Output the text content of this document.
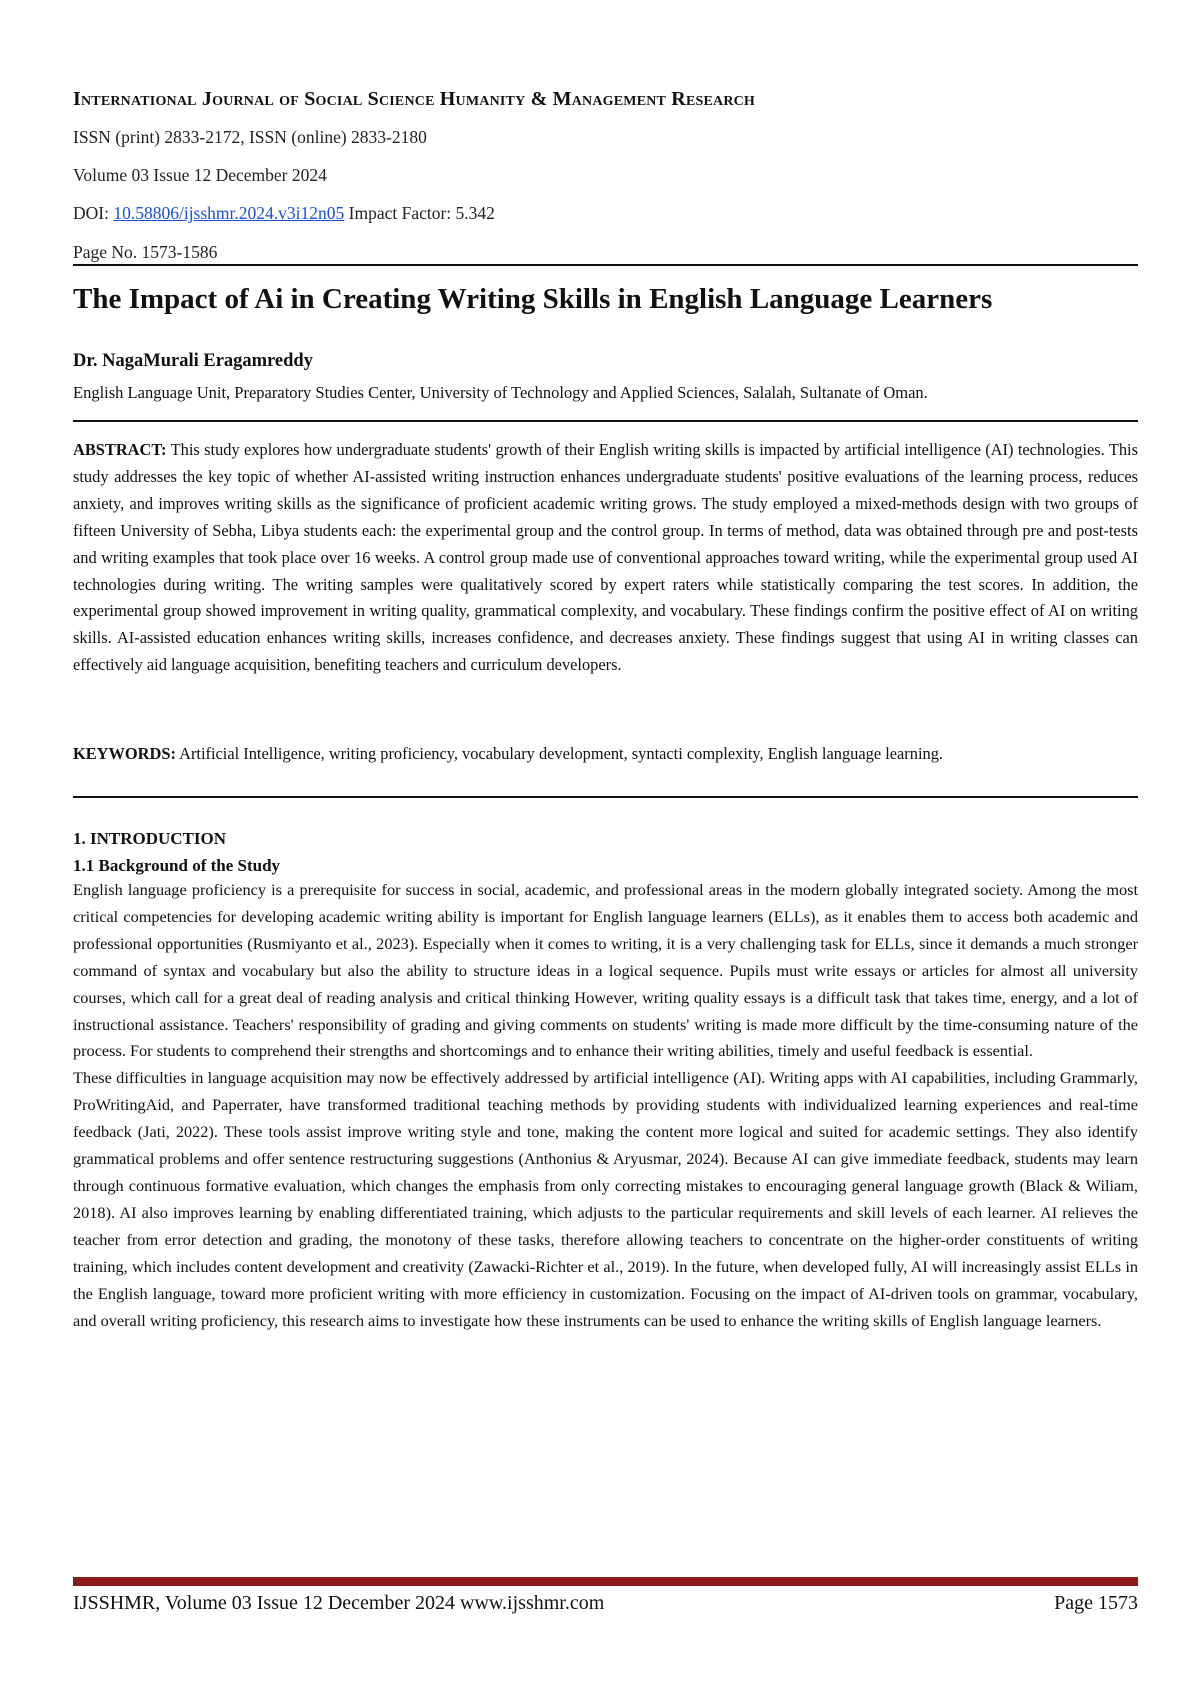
International Journal of Social Science Humanity & Management Research
ISSN (print) 2833-2172, ISSN (online) 2833-2180
Volume 03 Issue 12 December 2024
DOI: 10.58806/ijsshmr.2024.v3i12n05 Impact Factor: 5.342
Page No. 1573-1586
The Impact of Ai in Creating Writing Skills in English Language Learners
Dr. NagaMurali Eragamreddy
English Language Unit, Preparatory Studies Center, University of Technology and Applied Sciences, Salalah, Sultanate of Oman.
ABSTRACT: This study explores how undergraduate students' growth of their English writing skills is impacted by artificial intelligence (AI) technologies. This study addresses the key topic of whether AI-assisted writing instruction enhances undergraduate students' positive evaluations of the learning process, reduces anxiety, and improves writing skills as the significance of proficient academic writing grows. The study employed a mixed-methods design with two groups of fifteen University of Sebha, Libya students each: the experimental group and the control group. In terms of method, data was obtained through pre and post-tests and writing examples that took place over 16 weeks. A control group made use of conventional approaches toward writing, while the experimental group used AI technologies during writing. The writing samples were qualitatively scored by expert raters while statistically comparing the test scores. In addition, the experimental group showed improvement in writing quality, grammatical complexity, and vocabulary. These findings confirm the positive effect of AI on writing skills. AI-assisted education enhances writing skills, increases confidence, and decreases anxiety. These findings suggest that using AI in writing classes can effectively aid language acquisition, benefiting teachers and curriculum developers.
KEYWORDS: Artificial Intelligence, writing proficiency, vocabulary development, syntacti complexity, English language learning.
1. INTRODUCTION
1.1 Background of the Study

English language proficiency is a prerequisite for success in social, academic, and professional areas in the modern globally integrated society. Among the most critical competencies for developing academic writing ability is important for English language learners (ELLs), as it enables them to access both academic and professional opportunities (Rusmiyanto et al., 2023). Especially when it comes to writing, it is a very challenging task for ELLs, since it demands a much stronger command of syntax and vocabulary but also the ability to structure ideas in a logical sequence. Pupils must write essays or articles for almost all university courses, which call for a great deal of reading analysis and critical thinking However, writing quality essays is a difficult task that takes time, energy, and a lot of instructional assistance. Teachers' responsibility of grading and giving comments on students' writing is made more difficult by the time-consuming nature of the process. For students to comprehend their strengths and shortcomings and to enhance their writing abilities, timely and useful feedback is essential.

These difficulties in language acquisition may now be effectively addressed by artificial intelligence (AI). Writing apps with AI capabilities, including Grammarly, ProWritingAid, and Paperrater, have transformed traditional teaching methods by providing students with individualized learning experiences and real-time feedback (Jati, 2022). These tools assist improve writing style and tone, making the content more logical and suited for academic settings. They also identify grammatical problems and offer sentence restructuring suggestions (Anthonius & Aryusmar, 2024). Because AI can give immediate feedback, students may learn through continuous formative evaluation, which changes the emphasis from only correcting mistakes to encouraging general language growth (Black & Wiliam, 2018). AI also improves learning by enabling differentiated training, which adjusts to the particular requirements and skill levels of each learner. AI relieves the teacher from error detection and grading, the monotony of these tasks, therefore allowing teachers to concentrate on the higher-order constituents of writing training, which includes content development and creativity (Zawacki-Richter et al., 2019). In the future, when developed fully, AI will increasingly assist ELLs in the English language, toward more proficient writing with more efficiency in customization. Focusing on the impact of AI-driven tools on grammar, vocabulary, and overall writing proficiency, this research aims to investigate how these instruments can be used to enhance the writing skills of English language learners.

IJSSHMR, Volume 03 Issue 12 December 2024 www.ijsshmr.com	Page 1573
